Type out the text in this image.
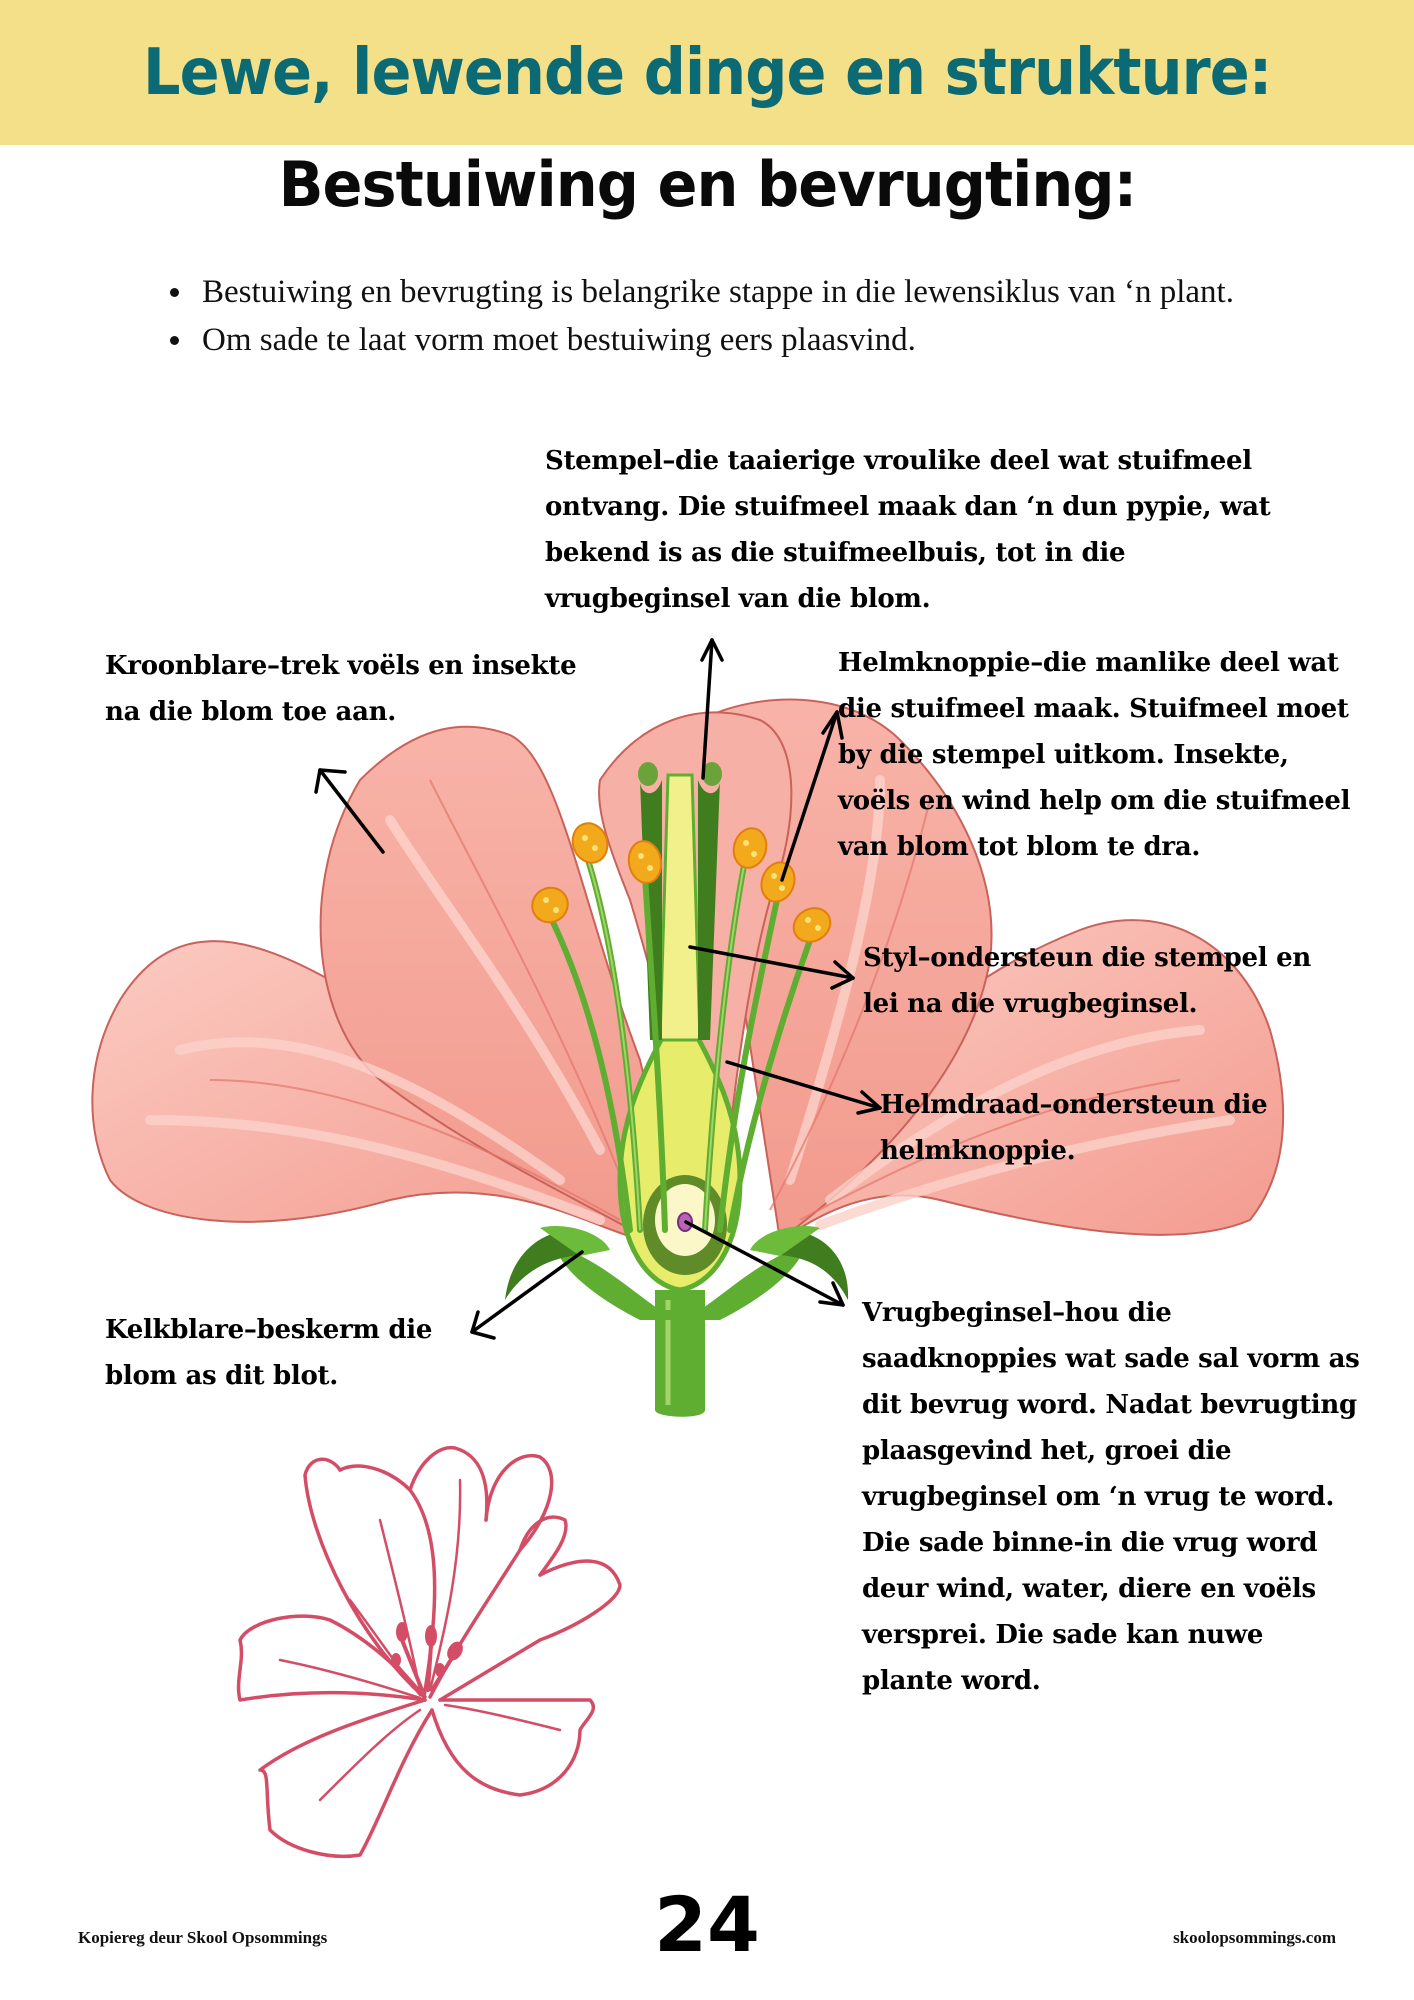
Lewe, lewende dinge en strukture:
Bestuiwing en bevrugting:
Bestuiwing en bevrugting is belangrike stappe in die lewensiklus van ‘n plant.
Om sade te laat vorm moet bestuiwing eers plaasvind.
Stempel–die taaierige vroulike deel wat stuifmeel ontvang. Die stuifmeel maak dan ‘n dun pypie, wat bekend is as die stuifmeelbuis, tot in die vrugbeginsel van die blom.
Kroonblare–trek voëls en insekte na die blom toe aan.
Helmknoppie–die manlike deel wat die stuifmeel maak. Stuifmeel moet by die stempel uitkom. Insekte, voëls en wind help om die stuifmeel van blom tot blom te dra.
Styl–ondersteun die stempel en lei na die vrugbeginsel.
Helmdraad–ondersteun die helmknoppie.
Kelkblare–beskerm die blom as dit blot.
Vrugbeginsel–hou die saadknoppies wat sade sal vorm as dit bevrug word. Nadat bevrugting plaasgevind het, groei die vrugbeginsel om ‘n vrug te word. Die sade binne-in die vrug word deur wind, water, diere en voëls versprei. Die sade kan nuwe plante word.
Kopiereg deur Skool Opsommings	24	skoolopsommings.com
